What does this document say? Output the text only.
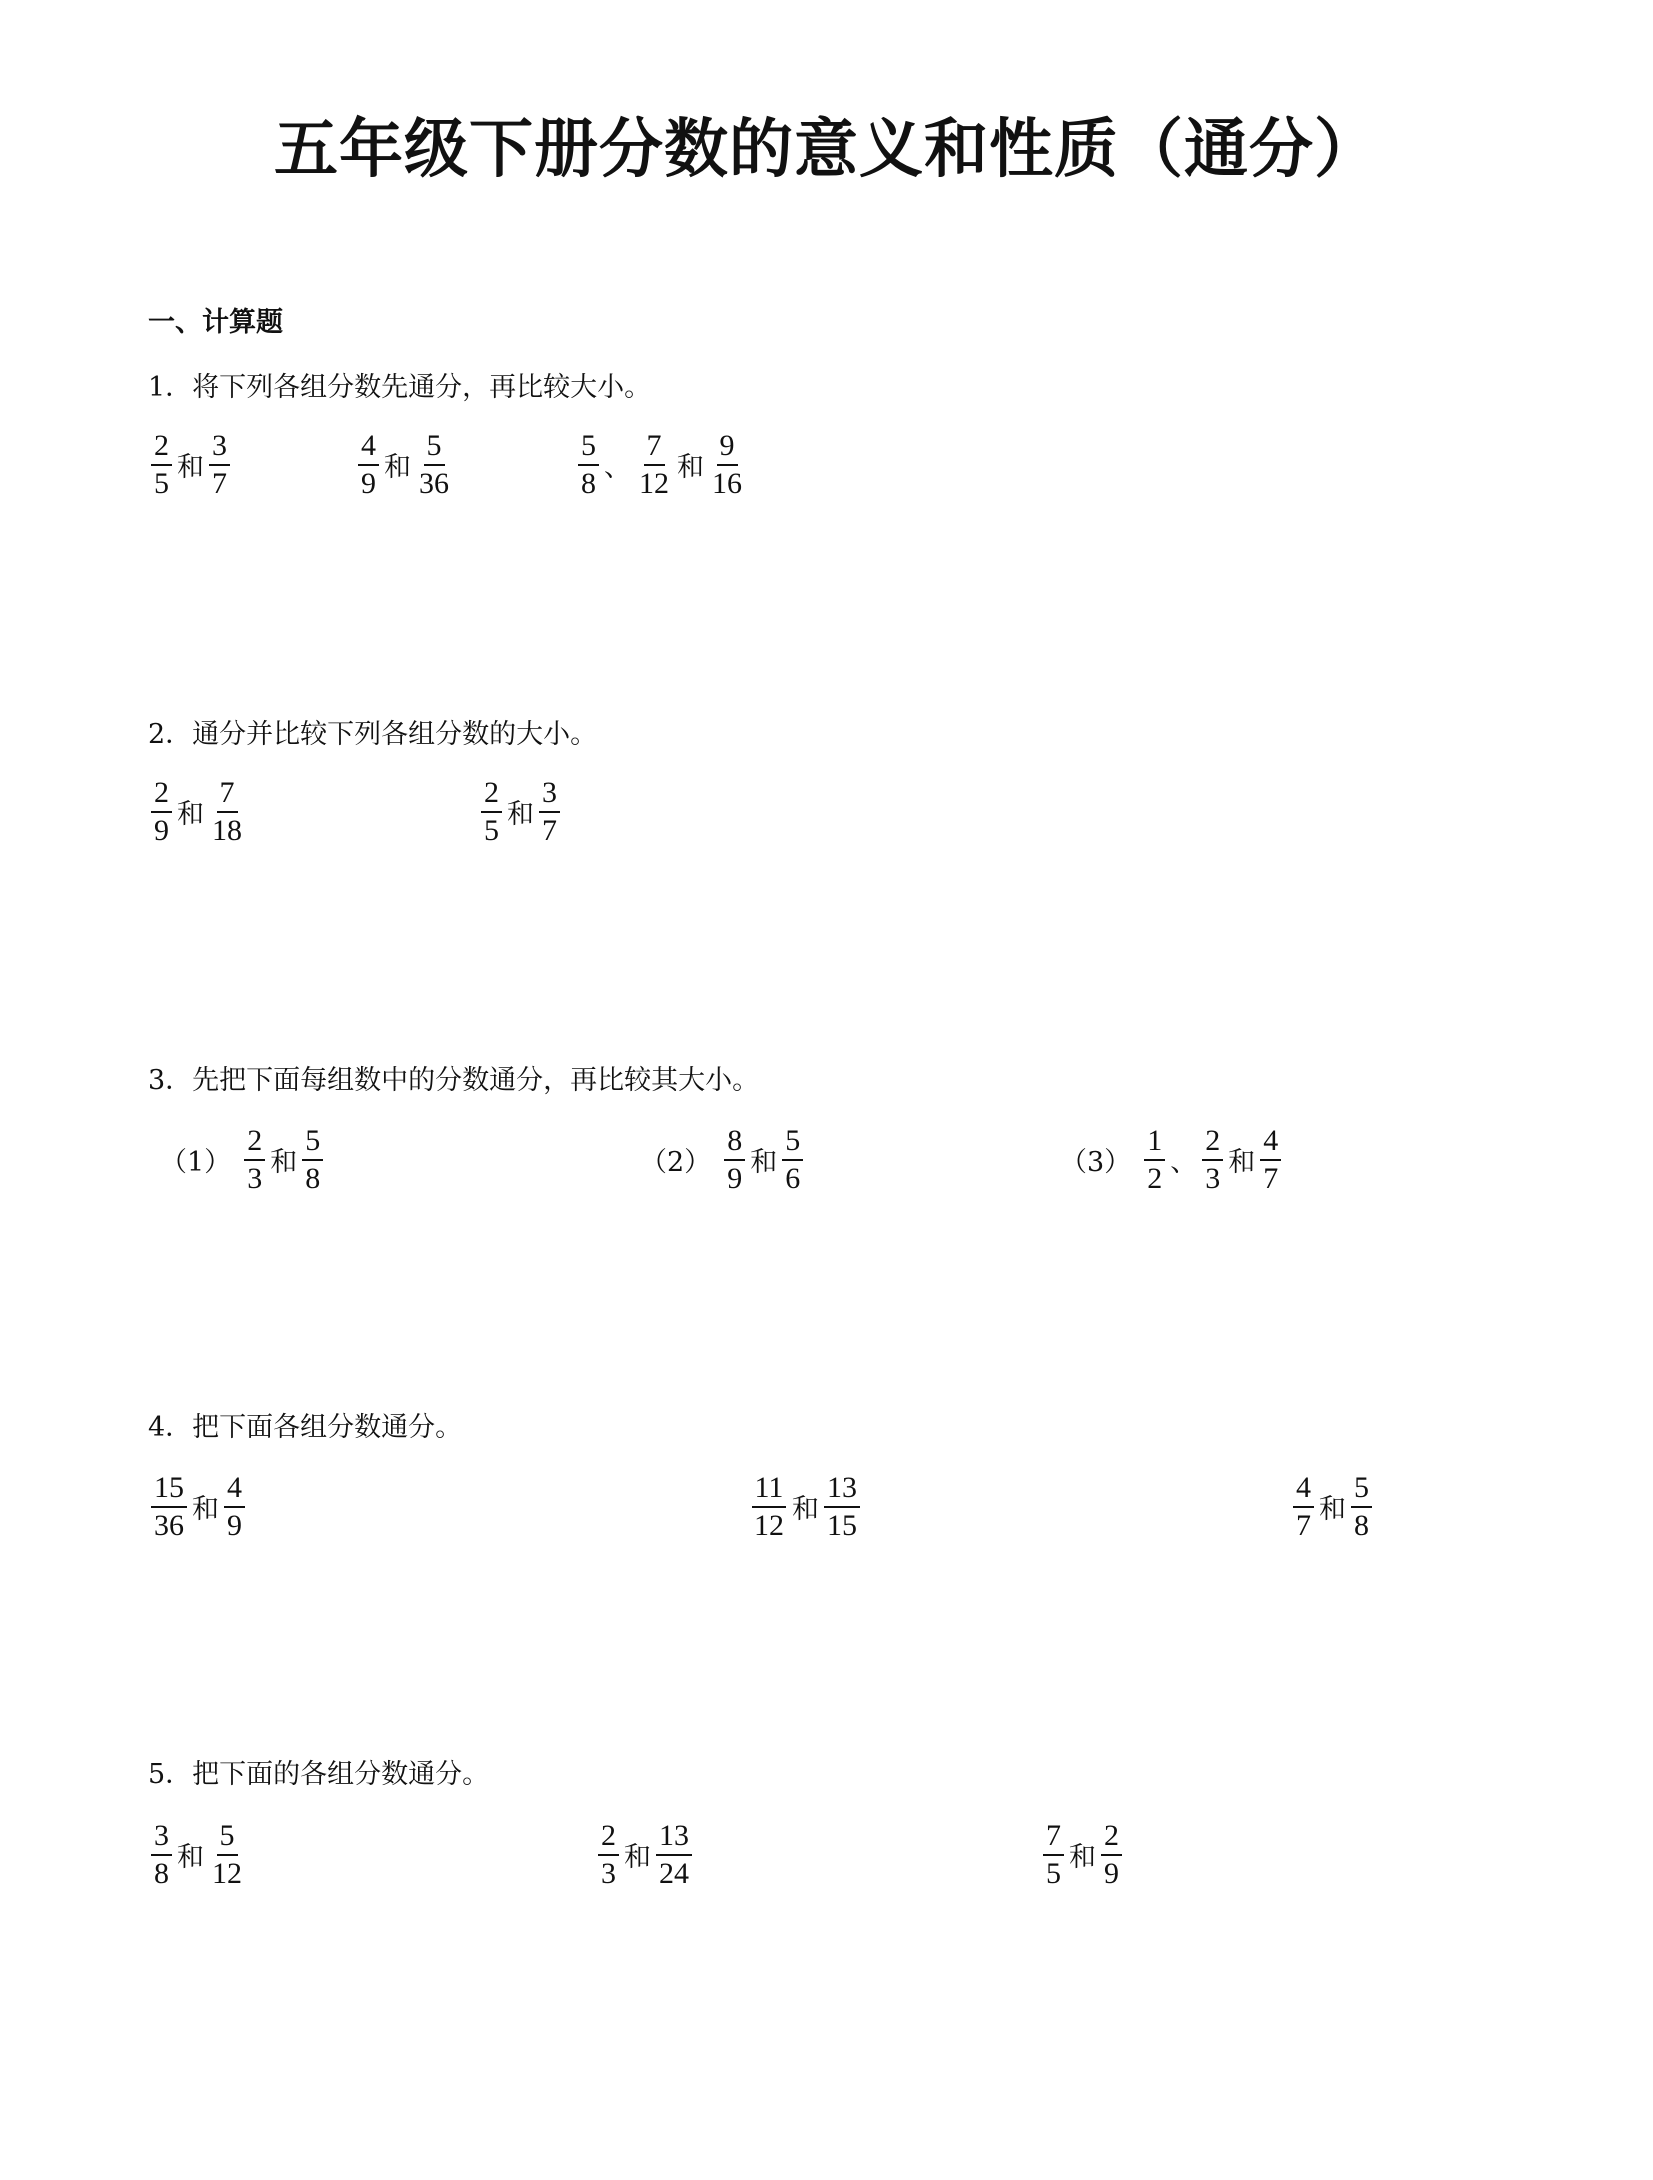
五年级下册分数的意义和性质（通分）
一、计算题
1．将下列各组分数先通分，再比较大小。
$\frac{2}{5}$ 和 $\frac{3}{7}$	$\frac{4}{9}$ 和 $\frac{5}{36}$	$\frac{5}{8}$ 、 $\frac{7}{12}$ 和 $\frac{9}{16}$
2．通分并比较下列各组分数的大小。
$\frac{2}{9}$ 和 $\frac{7}{18}$	$\frac{2}{5}$ 和 $\frac{3}{7}$
3．先把下面每组数中的分数通分，再比较其大小。
$(1) \frac{2}{3}$ 和 $\frac{5}{8}$	$(2) \frac{8}{9}$ 和 $\frac{5}{6}$	$(3) \frac{1}{2}$ 、 $\frac{2}{3}$ 和 $\frac{4}{7}$
4．把下面各组分数通分。
$\frac{15}{36}$ 和 $\frac{4}{9}$	$\frac{11}{12}$ 和 $\frac{13}{15}$	$\frac{4}{7}$ 和 $\frac{5}{8}$
5．把下面的各组分数通分。
$\frac{3}{8}$ 和 $\frac{5}{12}$	$\frac{2}{3}$ 和 $\frac{13}{24}$	$\frac{7}{5}$ 和 $\frac{2}{9}$
